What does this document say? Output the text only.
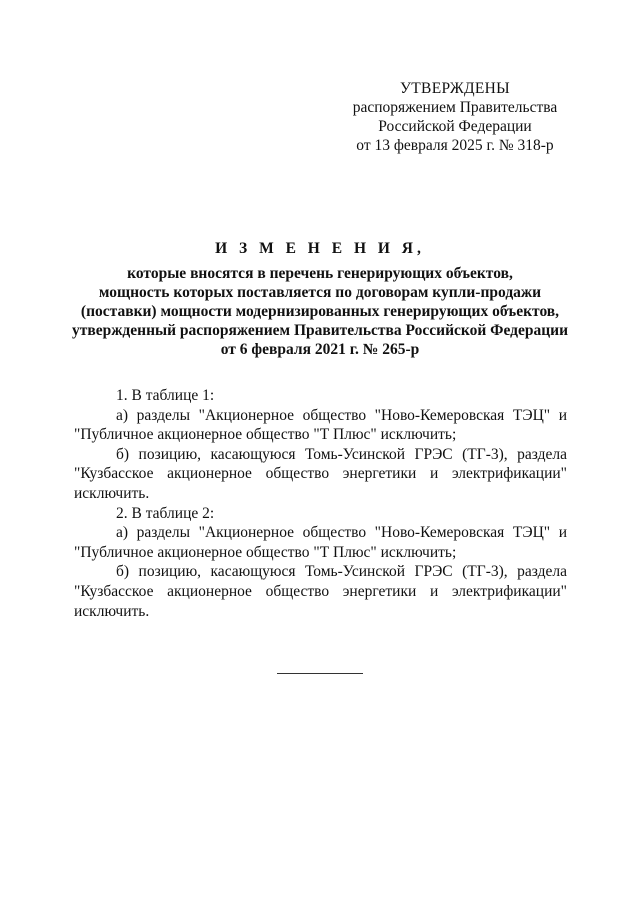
УТВЕРЖДЕНЫ
распоряжением Правительства
Российской Федерации
от 13 февраля 2025 г. № 318-р
И З М Е Н Е Н И Я,
которые вносятся в перечень генерирующих объектов,
мощность которых поставляется по договорам купли-продажи
(поставки) мощности модернизированных генерирующих объектов,
утвержденный распоряжением Правительства Российской Федерации
от 6 февраля 2021 г. № 265-р

1. В таблице 1:

а) разделы "Акционерное общество "Ново-Кемеровская ТЭЦ" и "Публичное акционерное общество "Т Плюс" исключить;

б) позицию, касающуюся Томь-Усинской ГРЭС (ТГ-3), раздела "Кузбасское акционерное общество энергетики и электрификации" исключить.

2. В таблице 2:

а) разделы "Акционерное общество "Ново-Кемеровская ТЭЦ" и "Публичное акционерное общество "Т Плюс" исключить;

б) позицию, касающуюся Томь-Усинской ГРЭС (ТГ-3), раздела "Кузбасское акционерное общество энергетики и электрификации" исключить.
